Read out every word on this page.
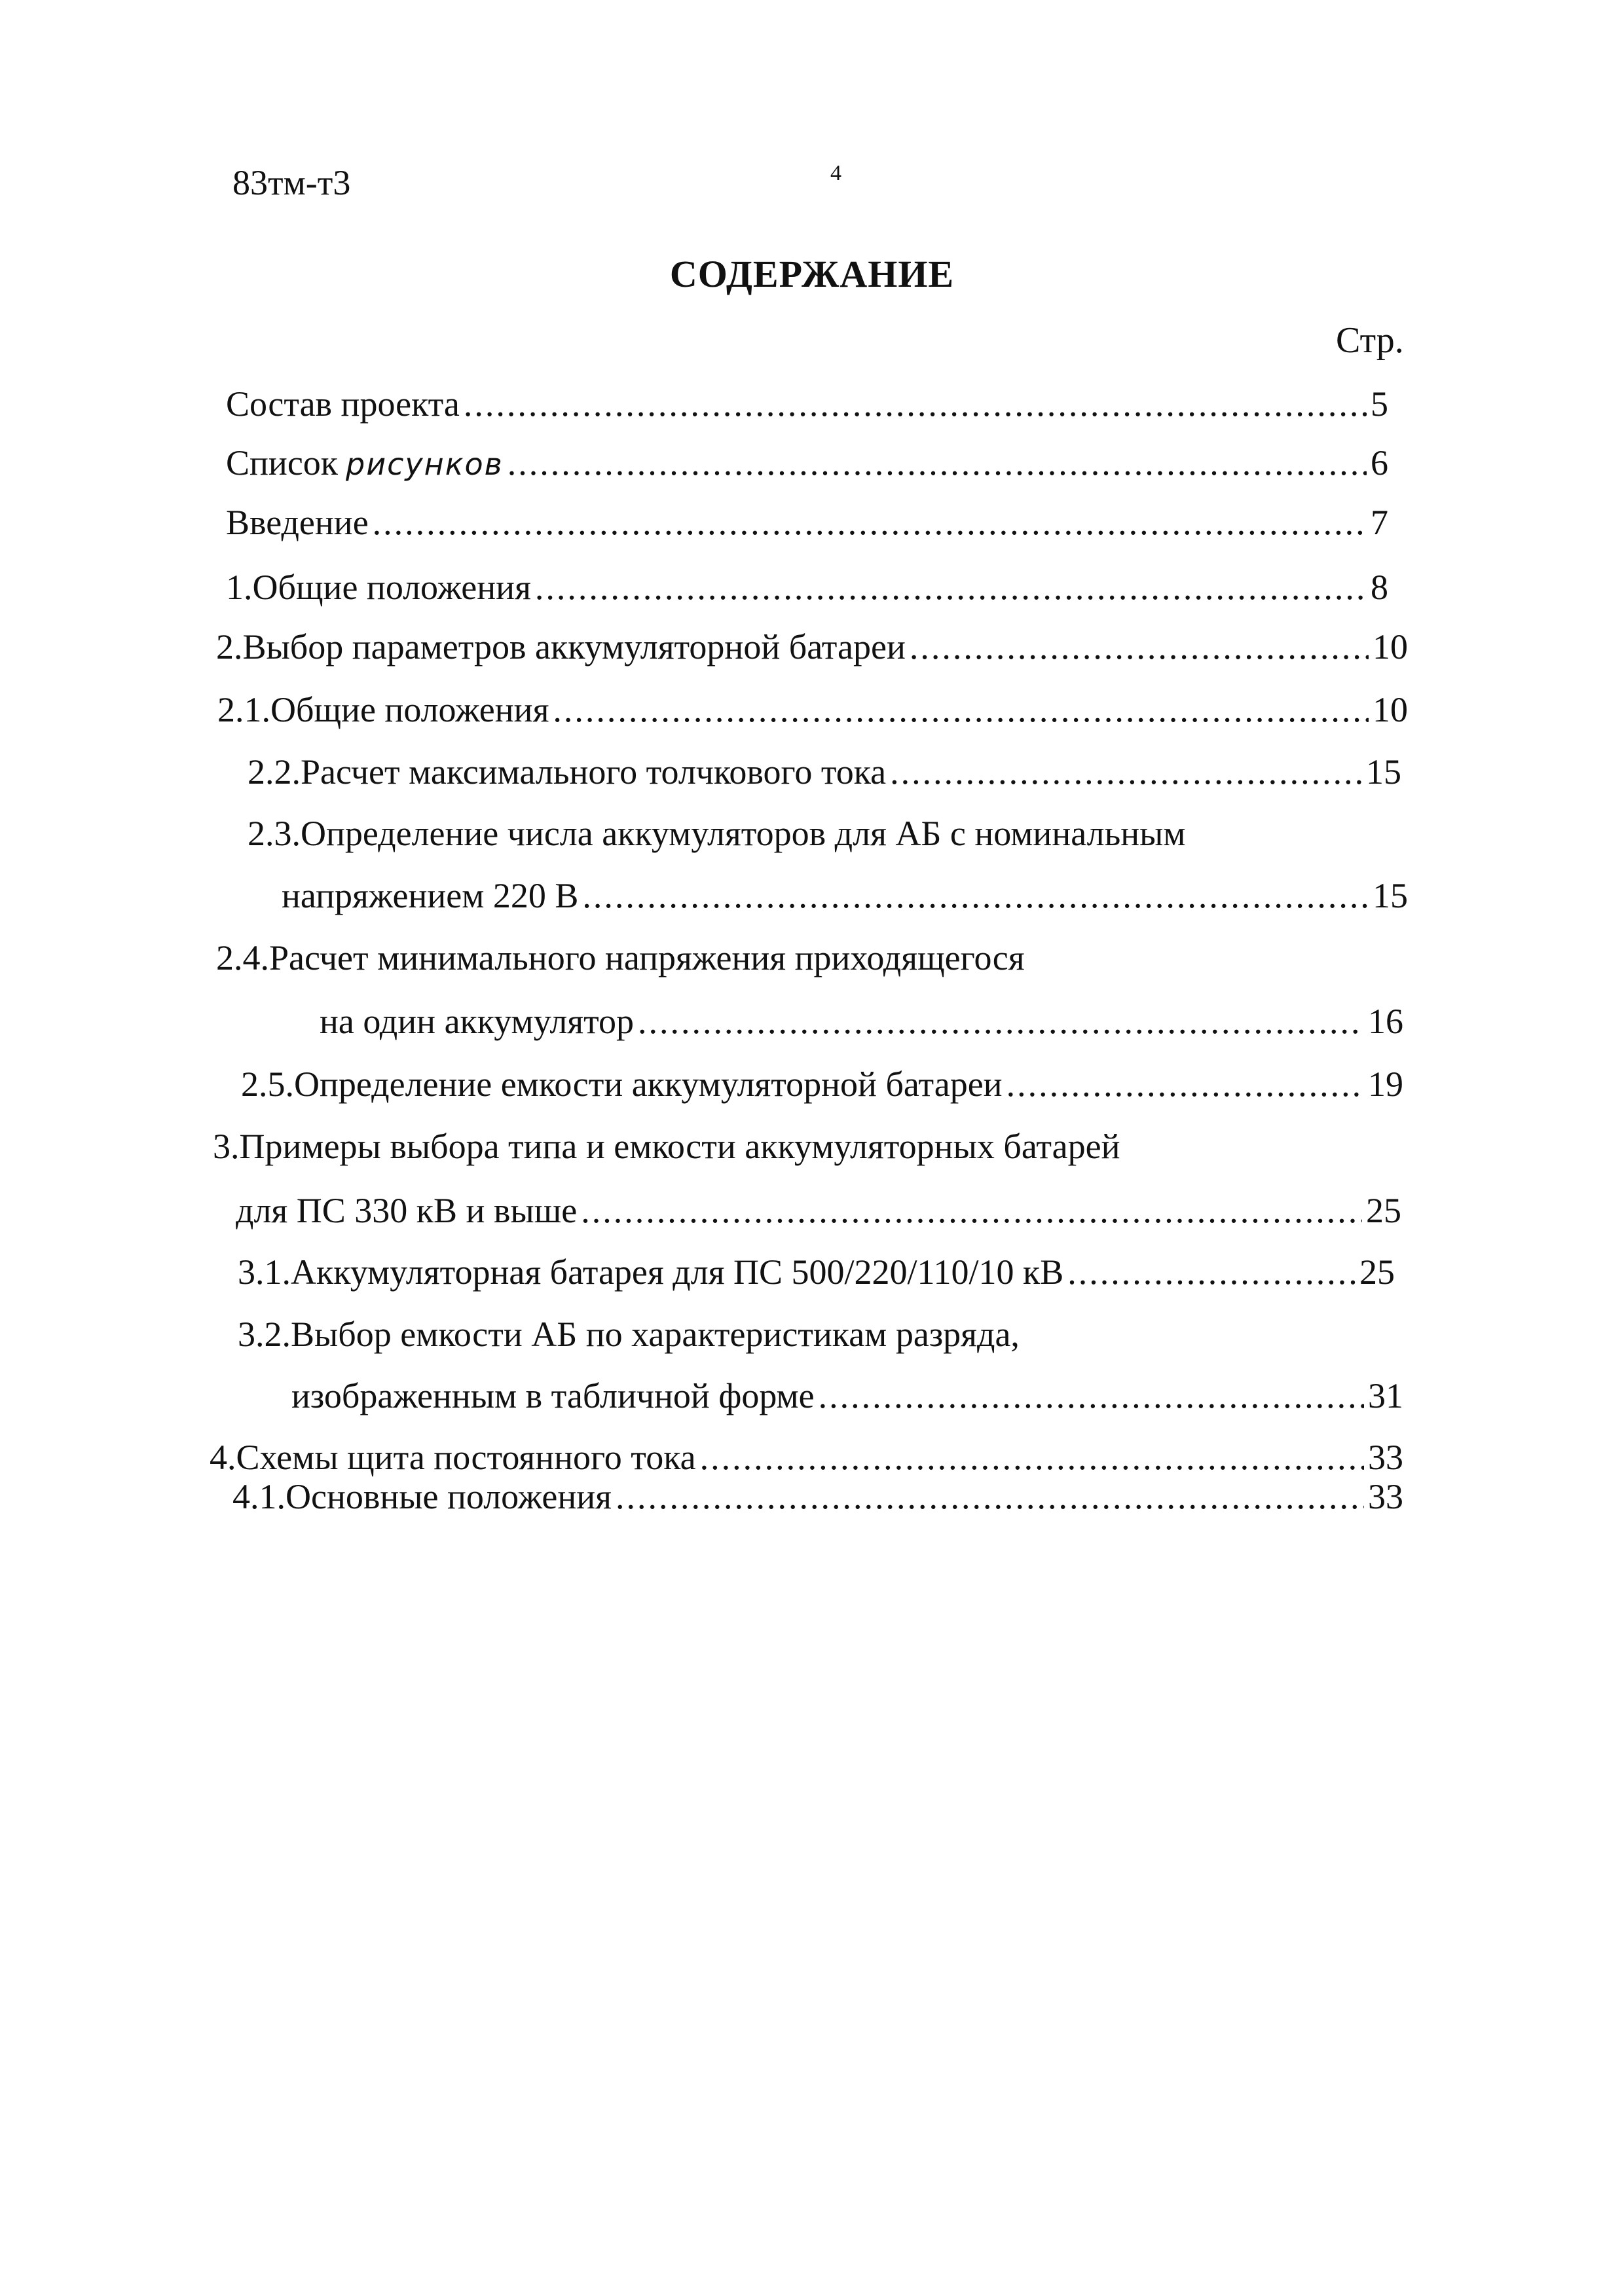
83тм-т3	4
СОДЕРЖАНИЕ
Стр.
Состав проекта .....	5
Список рисунков .....	6
Введение .....	7
1.Общие положения .....	8
2.Выбор параметров аккумуляторной батареи .....	10
2.1.Общие положения .....	10
2.2.Расчет максимального толчкового тока .....	15
2.3.Определение числа аккумуляторов для АБ с номинальным
напряжением 220 В .....	15
2.4.Расчет минимального напряжения приходящегося
на один аккумулятор .....	16
2.5.Определение емкости аккумуляторной батареи .....	19
3.Примеры выбора типа и емкости аккумуляторных батарей
для ПС 330 кВ и выше .....	25
3.1.Аккумуляторная батарея для ПС 500/220/110/10 кВ .....	25
3.2.Выбор емкости АБ по характеристикам разряда,
изображенным в табличной форме .....	31
4.Схемы щита постоянного тока .....	33
4.1.Основные положения .....	33
